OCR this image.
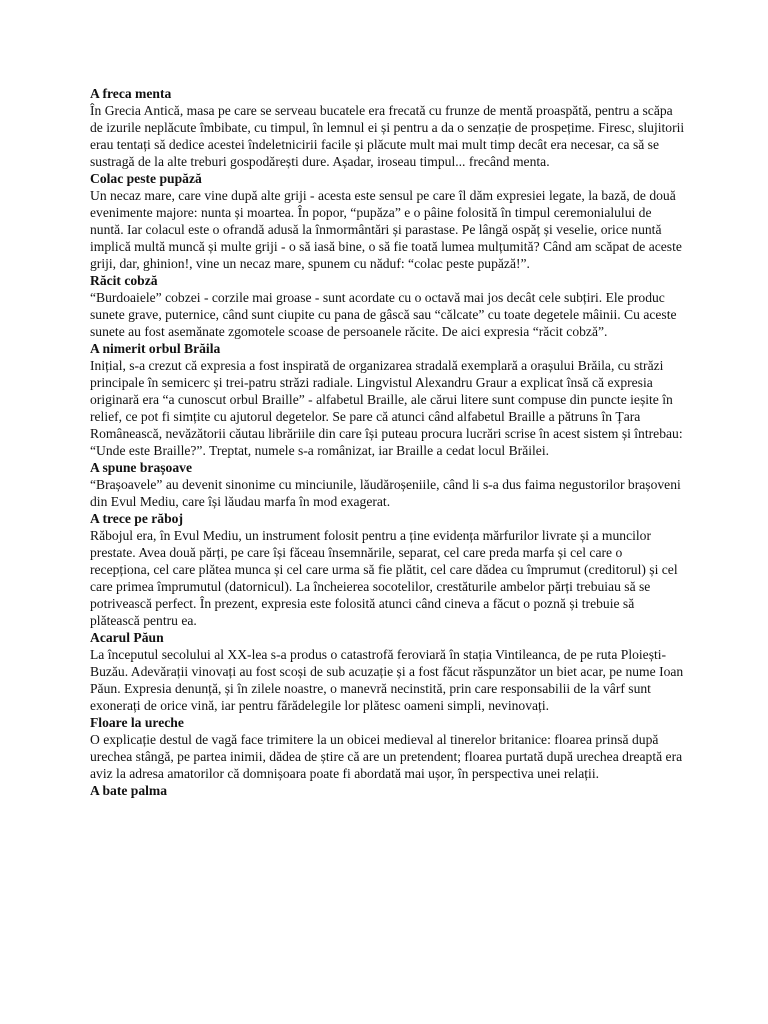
A freca menta
În Grecia Antică, masa pe care se serveau bucatele era frecată cu frunze de mentă proaspătă, pentru a scăpa de izurile neplăcute îmbibate, cu timpul, în lemnul ei și pentru a da o senzație de prospețime. Firesc, slujitorii erau tentați să dedice acestei îndeletnicirii facile și plăcute mult mai mult timp decât era necesar, ca să se sustragă de la alte treburi gospodărești dure. Așadar, iroseau timpul... frecând menta.
Colac peste pupăză
Un necaz mare, care vine după alte griji - acesta este sensul pe care îl dăm expresiei legate, la bază, de două evenimente majore: nunta și moartea. În popor, “pupăza” e o pâine folosită în timpul ceremonialului de nuntă. Iar colacul este o ofrandă adusă la înmormântări și parastase. Pe lângă ospăț și veselie, orice nuntă implică multă muncă și multe griji - o să iasă bine, o să fie toată lumea mulțumită? Când am scăpat de aceste griji, dar, ghinion!, vine un necaz mare, spunem cu năduf: “colac peste pupăză!”.
Răcit cobză
“Burdoaiele” cobzei - corzile mai groase - sunt acordate cu o octavă mai jos decât cele subțiri. Ele produc sunete grave, puternice, când sunt ciupite cu pana de gâscă sau “călcate” cu toate degetele mâinii. Cu aceste sunete au fost asemănate zgomotele scoase de persoanele răcite. De aici expresia “răcit cobză”.
A nimerit orbul Brăila
Inițial, s-a crezut că expresia a fost inspirată de organizarea stradală exemplară a orașului Brăila, cu străzi principale în semicerc și trei-patru străzi radiale. Lingvistul Alexandru Graur a explicat însă că expresia originară era “a cunoscut orbul Braille” - alfabetul Braille, ale cărui litere sunt compuse din puncte ieșite în relief, ce pot fi simțite cu ajutorul degetelor. Se pare că atunci când alfabetul Braille a pătruns în Țara Românească, nevăzătorii căutau librăriile din care își puteau procura lucrări scrise în acest sistem și întrebau: “Unde este Braille?”. Treptat, numele s-a românizat, iar Braille a cedat locul Brăilei.
A spune brașoave
“Brașoavele” au devenit sinonime cu minciunile, lăudăroșeniile, când li s-a dus faima negustorilor brașoveni din Evul Mediu, care își lăudau marfa în mod exagerat.
A trece pe răboj
Răbojul era, în Evul Mediu, un instrument folosit pentru a ține evidența mărfurilor livrate și a muncilor prestate. Avea două părți, pe care își făceau însemnările, separat, cel care preda marfa și cel care o recepționa, cel care plătea munca și cel care urma să fie plătit, cel care dădea cu împrumut (creditorul) și cel care primea împrumutul (datornicul). La încheierea socotelilor, crestăturile ambelor părți trebuiau să se potrivească perfect. În prezent, expresia este folosită atunci când cineva a făcut o poznă și trebuie să plătească pentru ea.
Acarul Păun
La începutul secolului al XX-lea s-a produs o catastrofă feroviară în stația Vintileanca, de pe ruta Ploiești-Buzău. Adevărații vinovați au fost scoși de sub acuzație și a fost făcut răspunzător un biet acar, pe nume Ioan Păun. Expresia denunță, și în zilele noastre, o manevră necinstită, prin care responsabilii de la vârf sunt exonerați de orice vină, iar pentru fărădelegile lor plătesc oameni simpli, nevinovați.
Floare la ureche
O explicație destul de vagă face trimitere la un obicei medieval al tinerelor britanice: floarea prinsă după urechea stângă, pe partea inimii, dădea de știre că are un pretendent; floarea purtată după urechea dreaptă era aviz la adresa amatorilor că domnișoara poate fi abordată mai ușor, în perspectiva unei relații.
A bate palma
